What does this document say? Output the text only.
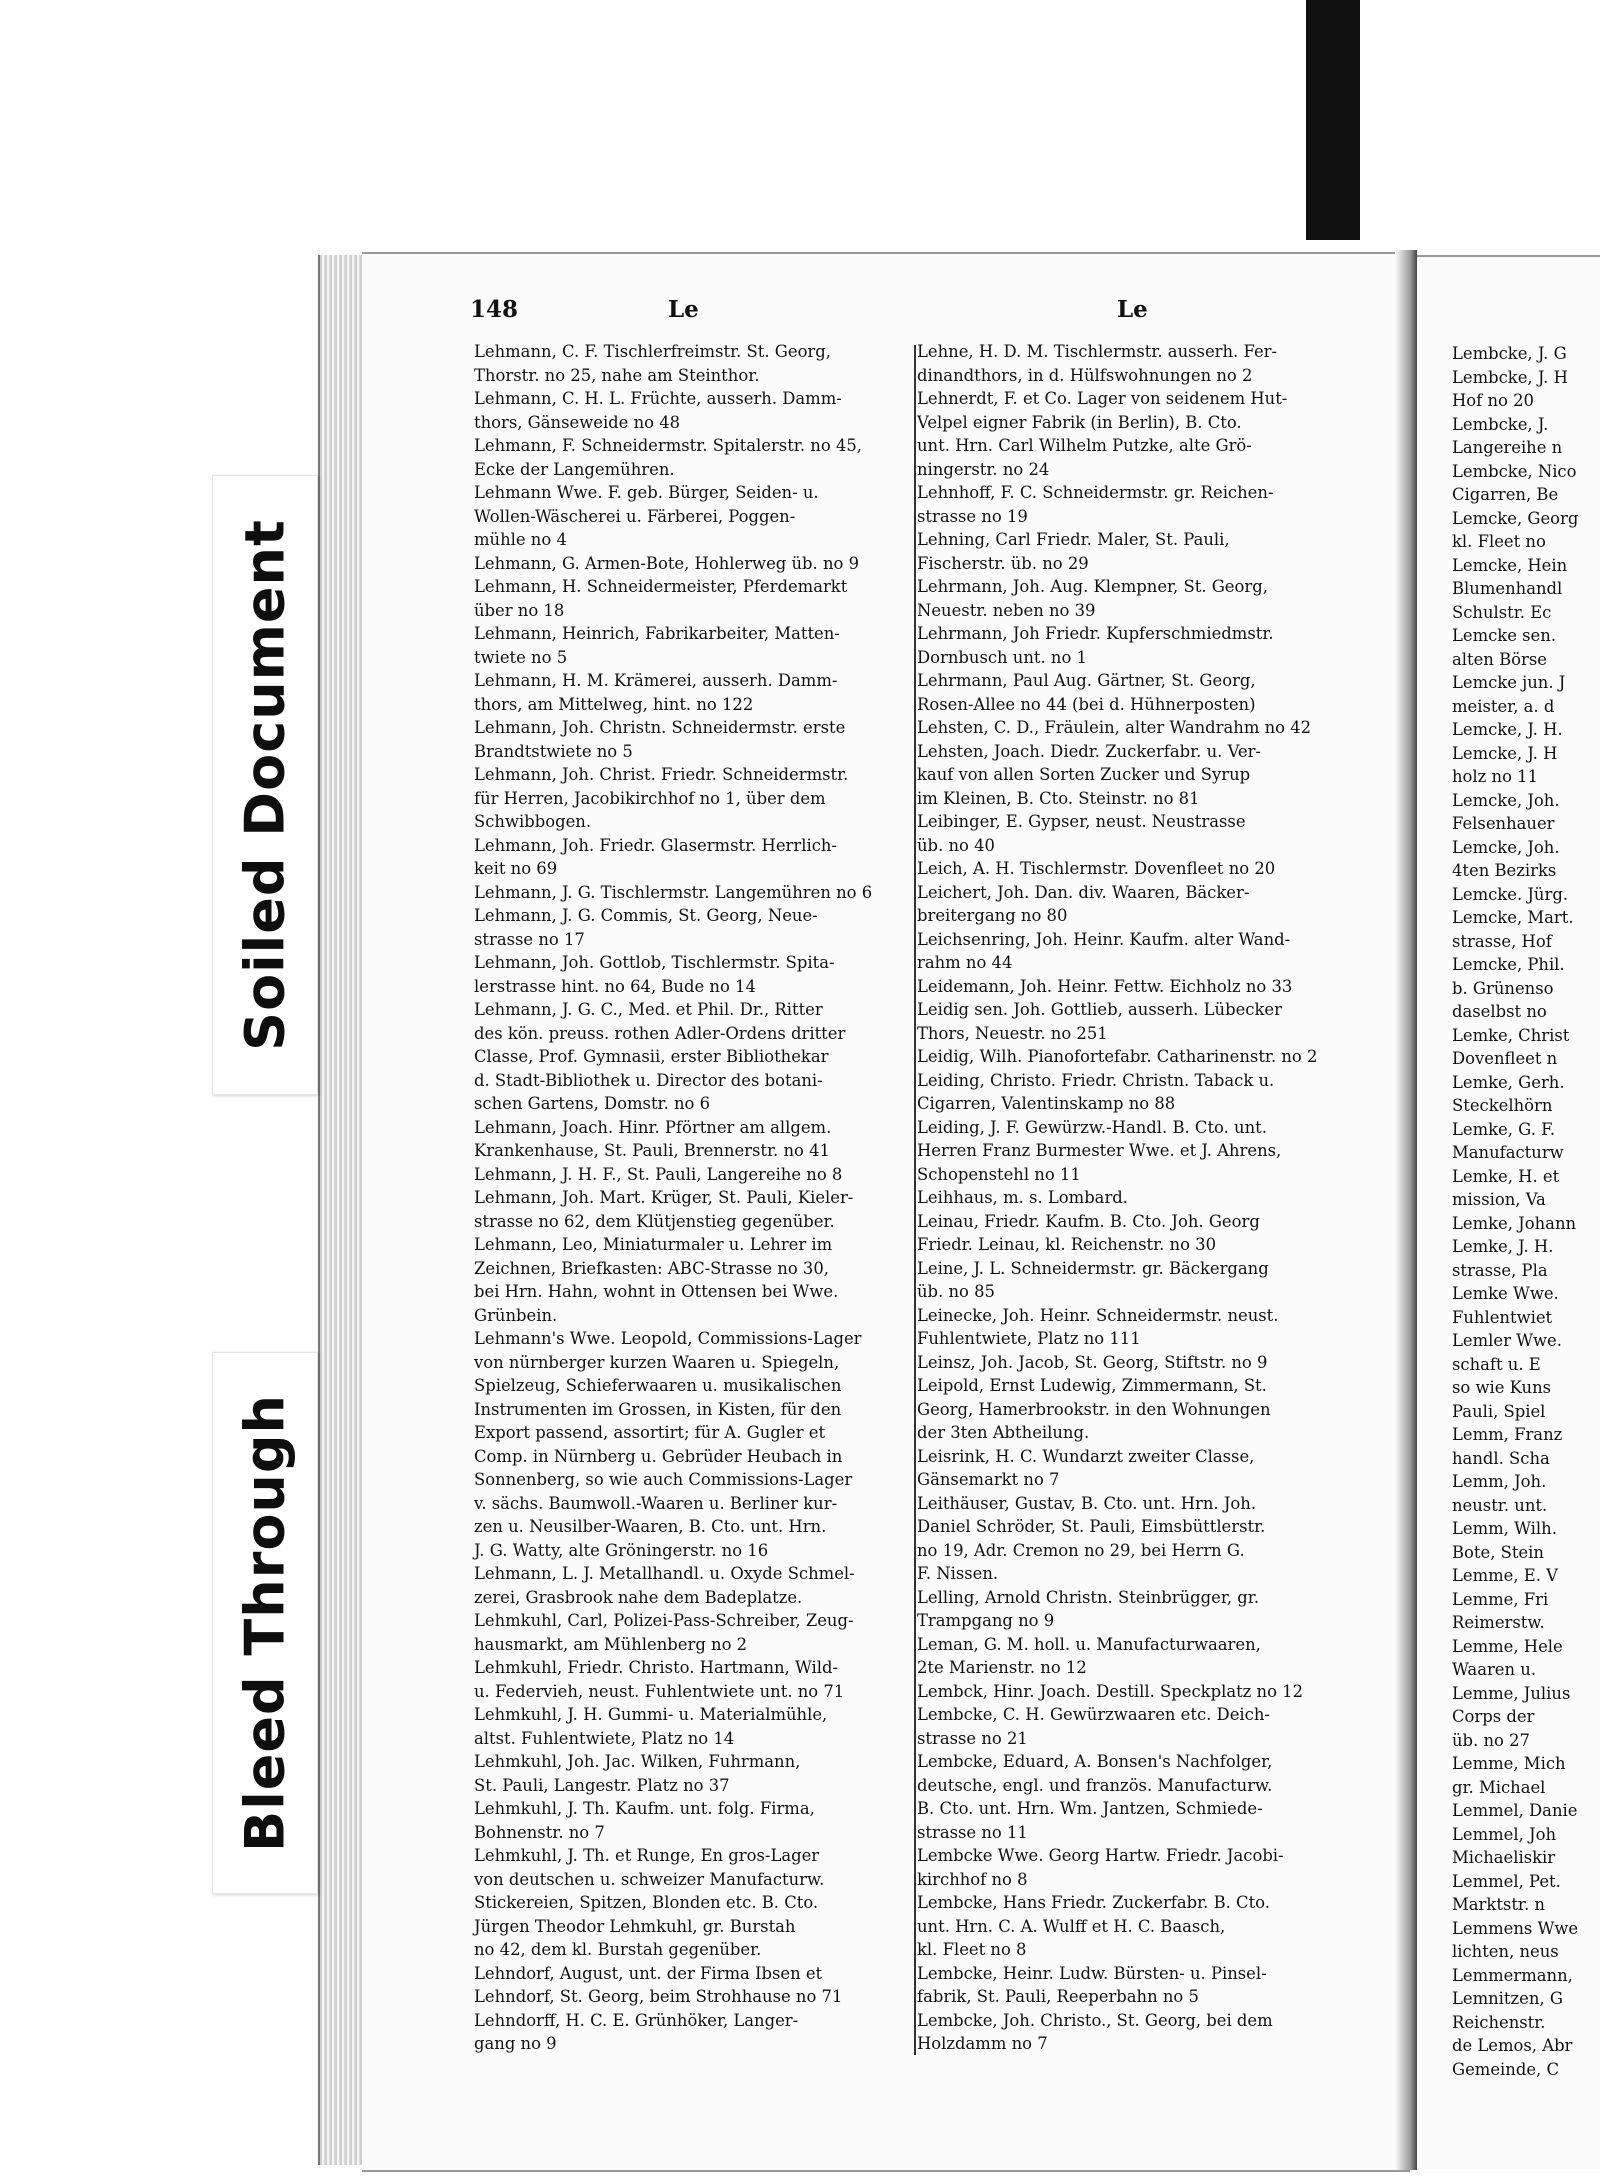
Lembcke, J. G
Lembcke, J. H
Hof no 20
Lembcke, J.
Langereihe n
Lembcke, Nico
Cigarren, Be
Lemcke, Georg
kl. Fleet no
Lemcke, Hein
Blumenhandl
Schulstr. Ec
Lemcke sen.
alten Börse
Lemcke jun. J
meister, a. d
Lemcke, J. H.
Lemcke, J. H
holz no 11
Lemcke, Joh.
Felsenhauer
Lemcke, Joh.
4ten Bezirks
Lemcke. Jürg.
Lemcke, Mart.
strasse, Hof
Lemcke, Phil.
b. Grünenso
daselbst no
Lemke, Christ
Dovenfleet n
Lemke, Gerh.
Steckelhörn
Lemke, G. F.
Manufacturw
Lemke, H. et
mission, Va
Lemke, Johann
Lemke, J. H.
strasse, Pla
Lemke Wwe.
Fuhlentwiet
Lemler Wwe.
schaft u. E
so wie Kuns
Pauli, Spiel
Lemm, Franz
handl. Scha
Lemm, Joh.
neustr. unt.
Lemm, Wilh.
Bote, Stein
Lemme, E. V
Lemme, Fri
Reimerstw.
Lemme, Hele
Waaren u.
Lemme, Julius
Corps der
üb. no 27
Lemme, Mich
gr. Michael
Lemmel, Danie
Lemmel, Joh
Michaeliskir
Lemmel, Pet.
Marktstr. n
Lemmens Wwe
lichten, neus
Lemmermann,
Lemnitzen, G
Reichenstr.
de Lemos, Abr
Gemeinde, C
Soiled Document
Bleed Through
148	Le	Le
Lehmann, C. F. Tischlerfreimstr. St. Georg,
Thorstr. no 25, nahe am Steinthor.
Lehmann, C. H. L. Früchte, ausserh. Damm-
thors, Gänseweide no 48
Lehmann, F. Schneidermstr. Spitalerstr. no 45,
Ecke der Langemühren.
Lehmann Wwe. F. geb. Bürger, Seiden- u.
Wollen-Wäscherei u. Färberei, Poggen-
mühle no 4
Lehmann, G. Armen-Bote, Hohlerweg üb. no 9
Lehmann, H. Schneidermeister, Pferdemarkt
über no 18
Lehmann, Heinrich, Fabrikarbeiter, Matten-
twiete no 5
Lehmann, H. M. Krämerei, ausserh. Damm-
thors, am Mittelweg, hint. no 122
Lehmann, Joh. Christn. Schneidermstr. erste
Brandtstwiete no 5
Lehmann, Joh. Christ. Friedr. Schneidermstr.
für Herren, Jacobikirchhof no 1, über dem
Schwibbogen.
Lehmann, Joh. Friedr. Glasermstr. Herrlich-
keit no 69
Lehmann, J. G. Tischlermstr. Langemühren no 6
Lehmann, J. G. Commis, St. Georg, Neue-
strasse no 17
Lehmann, Joh. Gottlob, Tischlermstr. Spita-
lerstrasse hint. no 64, Bude no 14
Lehmann, J. G. C., Med. et Phil. Dr., Ritter
des kön. preuss. rothen Adler-Ordens dritter
Classe, Prof. Gymnasii, erster Bibliothekar
d. Stadt-Bibliothek u. Director des botani-
schen Gartens, Domstr. no 6
Lehmann, Joach. Hinr. Pförtner am allgem.
Krankenhause, St. Pauli, Brennerstr. no 41
Lehmann, J. H. F., St. Pauli, Langereihe no 8
Lehmann, Joh. Mart. Krüger, St. Pauli, Kieler-
strasse no 62, dem Klütjenstieg gegenüber.
Lehmann, Leo, Miniaturmaler u. Lehrer im
Zeichnen, Briefkasten: ABC-Strasse no 30,
bei Hrn. Hahn, wohnt in Ottensen bei Wwe.
Grünbein.
Lehmann's Wwe. Leopold, Commissions-Lager
von nürnberger kurzen Waaren u. Spiegeln,
Spielzeug, Schieferwaaren u. musikalischen
Instrumenten im Grossen, in Kisten, für den
Export passend, assortirt; für A. Gugler et
Comp. in Nürnberg u. Gebrüder Heubach in
Sonnenberg, so wie auch Commissions-Lager
v. sächs. Baumwoll.-Waaren u. Berliner kur-
zen u. Neusilber-Waaren, B. Cto. unt. Hrn.
J. G. Watty, alte Gröningerstr. no 16
Lehmann, L. J. Metallhandl. u. Oxyde Schmel-
zerei, Grasbrook nahe dem Badeplatze.
Lehmkuhl, Carl, Polizei-Pass-Schreiber, Zeug-
hausmarkt, am Mühlenberg no 2
Lehmkuhl, Friedr. Christo. Hartmann, Wild-
u. Federvieh, neust. Fuhlentwiete unt. no 71
Lehmkuhl, J. H. Gummi- u. Materialmühle,
altst. Fuhlentwiete, Platz no 14
Lehmkuhl, Joh. Jac. Wilken, Fuhrmann,
St. Pauli, Langestr. Platz no 37
Lehmkuhl, J. Th. Kaufm. unt. folg. Firma,
Bohnenstr. no 7
Lehmkuhl, J. Th. et Runge, En gros-Lager
von deutschen u. schweizer Manufacturw.
Stickereien, Spitzen, Blonden etc. B. Cto.
Jürgen Theodor Lehmkuhl, gr. Burstah
no 42, dem kl. Burstah gegenüber.
Lehndorf, August, unt. der Firma Ibsen et
Lehndorf, St. Georg, beim Strohhause no 71
Lehndorff, H. C. E. Grünhöker, Langer-
gang no 9
Lehne, H. D. M. Tischlermstr. ausserh. Fer-
dinandthors, in d. Hülfswohnungen no 2
Lehnerdt, F. et Co. Lager von seidenem Hut-
Velpel eigner Fabrik (in Berlin), B. Cto.
unt. Hrn. Carl Wilhelm Putzke, alte Grö-
ningerstr. no 24
Lehnhoff, F. C. Schneidermstr. gr. Reichen-
strasse no 19
Lehning, Carl Friedr. Maler, St. Pauli,
Fischerstr. üb. no 29
Lehrmann, Joh. Aug. Klempner, St. Georg,
Neuestr. neben no 39
Lehrmann, Joh Friedr. Kupferschmiedmstr.
Dornbusch unt. no 1
Lehrmann, Paul Aug. Gärtner, St. Georg,
Rosen-Allee no 44 (bei d. Hühnerposten)
Lehsten, C. D., Fräulein, alter Wandrahm no 42
Lehsten, Joach. Diedr. Zuckerfabr. u. Ver-
kauf von allen Sorten Zucker und Syrup
im Kleinen, B. Cto. Steinstr. no 81
Leibinger, E. Gypser, neust. Neustrasse
üb. no 40
Leich, A. H. Tischlermstr. Dovenfleet no 20
Leichert, Joh. Dan. div. Waaren, Bäcker-
breitergang no 80
Leichsenring, Joh. Heinr. Kaufm. alter Wand-
rahm no 44
Leidemann, Joh. Heinr. Fettw. Eichholz no 33
Leidig sen. Joh. Gottlieb, ausserh. Lübecker
Thors, Neuestr. no 251
Leidig, Wilh. Pianofortefabr. Catharinenstr. no 2
Leiding, Christo. Friedr. Christn. Taback u.
Cigarren, Valentinskamp no 88
Leiding, J. F. Gewürzw.-Handl. B. Cto. unt.
Herren Franz Burmester Wwe. et J. Ahrens,
Schopenstehl no 11
Leihhaus, m. s. Lombard.
Leinau, Friedr. Kaufm. B. Cto. Joh. Georg
Friedr. Leinau, kl. Reichenstr. no 30
Leine, J. L. Schneidermstr. gr. Bäckergang
üb. no 85
Leinecke, Joh. Heinr. Schneidermstr. neust.
Fuhlentwiete, Platz no 111
Leinsz, Joh. Jacob, St. Georg, Stiftstr. no 9
Leipold, Ernst Ludewig, Zimmermann, St.
Georg, Hamerbrookstr. in den Wohnungen
der 3ten Abtheilung.
Leisrink, H. C. Wundarzt zweiter Classe,
Gänsemarkt no 7
Leithäuser, Gustav, B. Cto. unt. Hrn. Joh.
Daniel Schröder, St. Pauli, Eimsbüttlerstr.
no 19, Adr. Cremon no 29, bei Herrn G.
F. Nissen.
Lelling, Arnold Christn. Steinbrügger, gr.
Trampgang no 9
Leman, G. M. holl. u. Manufacturwaaren,
2te Marienstr. no 12
Lembck, Hinr. Joach. Destill. Speckplatz no 12
Lembcke, C. H. Gewürzwaaren etc. Deich-
strasse no 21
Lembcke, Eduard, A. Bonsen's Nachfolger,
deutsche, engl. und französ. Manufacturw.
B. Cto. unt. Hrn. Wm. Jantzen, Schmiede-
strasse no 11
Lembcke Wwe. Georg Hartw. Friedr. Jacobi-
kirchhof no 8
Lembcke, Hans Friedr. Zuckerfabr. B. Cto.
unt. Hrn. C. A. Wulff et H. C. Baasch,
kl. Fleet no 8
Lembcke, Heinr. Ludw. Bürsten- u. Pinsel-
fabrik, St. Pauli, Reeperbahn no 5
Lembcke, Joh. Christo., St. Georg, bei dem
Holzdamm no 7
